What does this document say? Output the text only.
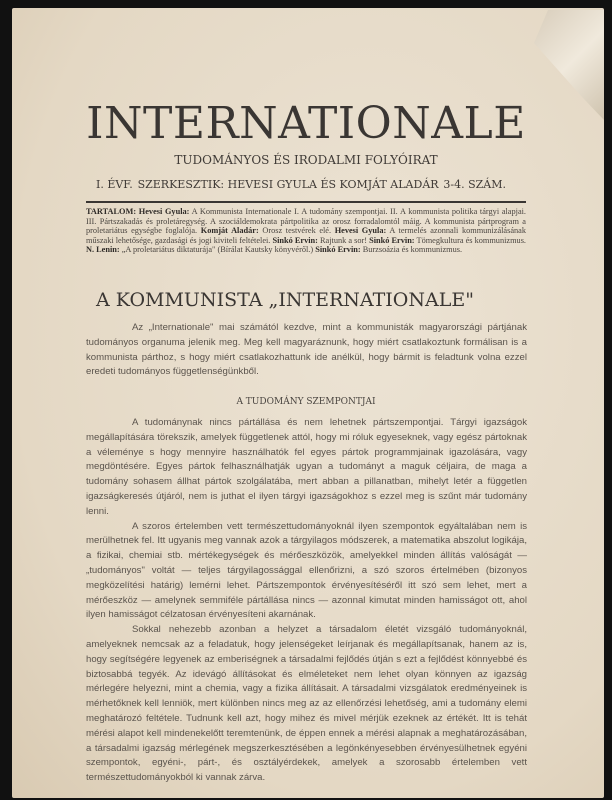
INTERNATIONALE
TUDOMÁNYOS ÉS IRODALMI FOLYÓIRAT
I. ÉVF. SZERKESZTIK: HEVESI GYULA ÉS KOMJÁT ALADÁR 3-4. SZÁM.
TARTALOM: Hevesi Gyula: A Kommunista Internationale I. A tudomány szempontjai. II. A kommunista politika tárgyi alapjai. III. Pártszakadás és proletáregység. A szociáldemokrata pártpolitika az orosz forradalomtól máig. A kommunista pártprogram a proletariátus egységbe foglalója. Komját Aladár: Orosz testvérek elé. Hevesi Gyula: A termelés azonnali kommunizálásának műszaki lehetősége, gazdasági és jogi kiviteli feltételei. Sinkó Ervin: Rajtunk a sor! Sinkó Ervin: Tömegkultura és kommunizmus. N. Lenin: „A proletariátus diktaturája" (Bírálat Kautsky könyvéről.) Sinkó Ervin: Burzsoázia és kommunizmus.
A KOMMUNISTA „INTERNATIONALE"

Az „Internationale" mai számától kezdve, mint a kommunisták magyarországi pártjának tudományos organuma jelenik meg. Meg kell magyaráznunk, hogy miért csatlakoztunk formálisan is a kommunista párthoz, s hogy miért csatlakozhattunk ide anélkül, hogy bármit is feladtunk volna ezzel eredeti tudományos függetlenségünkből.

A TUDOMÁNY SZEMPONTJAI

A tudománynak nincs pártállása és nem lehetnek pártszempontjai. Tárgyi igazságok megállapítására törekszik, amelyek függetlenek attól, hogy mi róluk egyeseknek, vagy egész pártoknak a véleménye s hogy mennyire használhatók fel egyes pártok programmjainak igazolására, vagy megdöntésére. Egyes pártok felhasználhatják ugyan a tudományt a maguk céljaira, de maga a tudomány sohasem állhat pártok szolgálatába, mert abban a pillanatban, mihelyt letér a független igazságkeresés útjáról, nem is juthat el ilyen tárgyi igazságokhoz s ezzel meg is szűnt már tudomány lenni.

A szoros értelemben vett természettudományoknál ilyen szempontok egyáltalában nem is merülhetnek fel. Itt ugyanis meg vannak azok a tárgyilagos módszerek, a matematika abszolut logikája, a fizikai, chemiai stb. mértékegységek és mérőeszközök, amelyekkel minden állítás valóságát — „tudományos" voltát — teljes tárgyilagossággal ellenőrizni, a szó szoros értelmében (bizonyos megközelítési határig) lemérni lehet. Pártszempontok érvényesítéséről itt szó sem lehet, mert a mérőeszköz — amelynek semmiféle pártállása nincs — azonnal kimutat minden hamisságot ott, ahol ilyen hamisságot célzatosan érvényesíteni akarnának.

Sokkal nehezebb azonban a helyzet a társadalom életét vizsgáló tudományoknál, amelyeknek nemcsak az a feladatuk, hogy jelenségeket leírjanak és megállapítsanak, hanem az is, hogy segítségére legyenek az emberiségnek a társadalmi fejlődés útján s ezt a fejlődést könnyebbé és biztosabbá tegyék. Az idevágó állításokat és elméleteket nem lehet olyan könnyen az igazság mérlegére helyezni, mint a chemia, vagy a fizika állításait. A társadalmi vizsgálatok eredményeinek is mérhetőknek kell lenniök, mert különben nincs meg az az ellenőrzési lehetőség, ami a tudomány elemi meghatározó feltétele. Tudnunk kell azt, hogy mihez és mivel mérjük ezeknek az értékét. Itt is tehát mérési alapot kell mindenekelőtt teremtenünk, de éppen ennek a mérési alapnak a meghatározásában, a társadalmi igazság mérlegének megszerkesztésében a legönkényesebben érvényesülhetnek egyéni szempontok, egyéni-, párt-, és osztályérdekek, amelyek a szorosabb értelemben vett természettudományokból ki vannak zárva.
